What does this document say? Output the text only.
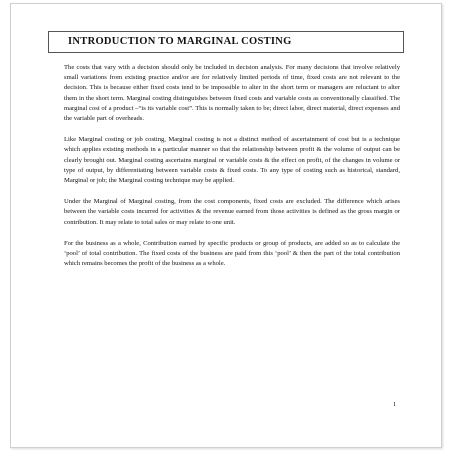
INTRODUCTION TO MARGINAL COSTING

The costs that vary with a decision should only be included in decision analysis. For many decisions that involve relatively small variations from existing practice and/or are for relatively limited periods of time, fixed costs are not relevant to the decision. This is because either fixed costs tend to be impossible to alter in the short term or managers are reluctant to alter them in the short term. Marginal costing distinguishes between fixed costs and variable costs as conventionally classified. The marginal cost of a product –“is its variable cost”. This is normally taken to be; direct labor, direct material, direct expenses and the variable part of overheads.

Like Marginal costing or job costing, Marginal costing is not a distinct method of ascertainment of cost but is a technique which applies existing methods in a particular manner so that the relationship between profit & the volume of output can be clearly brought out. Marginal costing ascertains marginal or variable costs & the effect on profit, of the changes in volume or type of output, by differentiating between variable costs & fixed costs. To any type of costing such as historical, standard, Marginal or job; the Marginal costing technique may be applied.

Under the Marginal of Marginal costing, from the cost components, fixed costs are excluded. The difference which arises between the variable costs incurred for activities & the revenue earned from those activities is defined as the gross margin or contribution. It may relate to total sales or may relate to one unit.

For the business as a whole, Contribution earned by specific products or group of products, are added so as to calculate the ‘pool’ of total contribution. The fixed costs of the business are paid from this ‘pool’ & then the part of the total contribution which remains becomes the profit of the business as a whole.

1
